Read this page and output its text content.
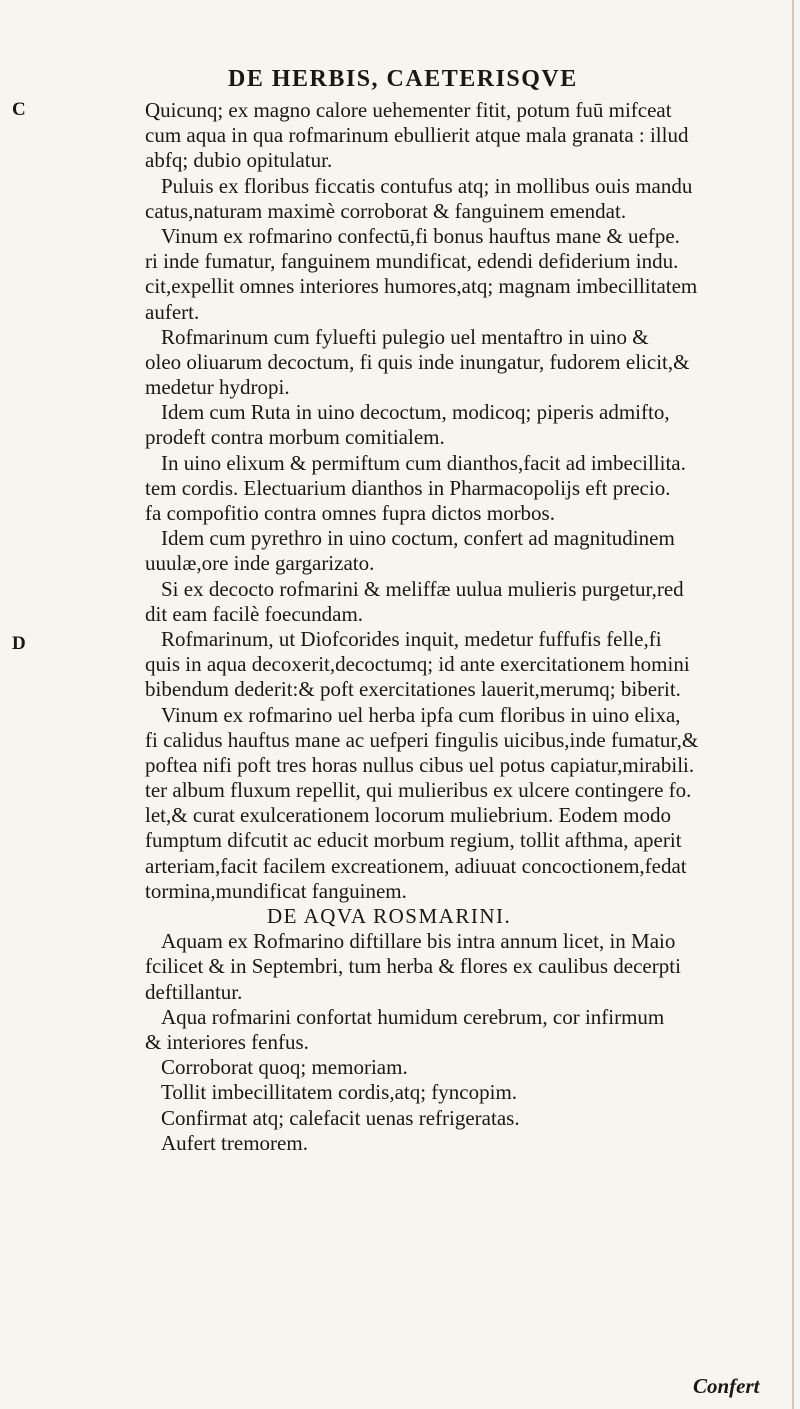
DE HERBIS, CAETERISQVE
C
D
Quicunq; ex magno calore uehementer fitit, potum fuū mifceat
cum aqua in qua rofmarinum ebullierit atque mala granata : illud
abfq; dubio opitulatur.
Puluis ex floribus ficcatis contufus atq; in mollibus ouis mandu
catus,naturam maximè corroborat & fanguinem emendat.
Vinum ex rofmarino confectū,fi bonus hauftus mane & uefpe.
ri inde fumatur, fanguinem mundificat, edendi defiderium indu.
cit,expellit omnes interiores humores,atq; magnam imbecillitatem
aufert.
Rofmarinum cum fyluefti pulegio uel mentaftro in uino &
oleo oliuarum decoctum, fi quis inde inungatur, fudorem elicit,&
medetur hydropi.
Idem cum Ruta in uino decoctum, modicoq; piperis admifto,
prodeft contra morbum comitialem.
In uino elixum & permiftum cum dianthos,facit ad imbecillita.
tem cordis. Electuarium dianthos in Pharmacopolijs eft precio.
fa compofitio contra omnes fupra dictos morbos.
Idem cum pyrethro in uino coctum, confert ad magnitudinem
uuulæ,ore inde gargarizato.
Si ex decocto rofmarini & meliffæ uulua mulieris purgetur,red
dit eam facilè foecundam.
Rofmarinum, ut Diofcorides inquit, medetur fuffufis felle,fi
quis in aqua decoxerit,decoctumq; id ante exercitationem homini
bibendum dederit:& poft exercitationes lauerit,merumq; biberit.
Vinum ex rofmarino uel herba ipfa cum floribus in uino elixa,
fi calidus hauftus mane ac uefperi fingulis uicibus,inde fumatur,&
poftea nifi poft tres horas nullus cibus uel potus capiatur,mirabili.
ter album fluxum repellit, qui mulieribus ex ulcere contingere fo.
let,& curat exulcerationem locorum muliebrium. Eodem modo
fumptum difcutit ac educit morbum regium, tollit afthma, aperit
arteriam,facit facilem excreationem, adiuuat concoctionem,fedat
tormina,mundificat fanguinem.
DE AQVA ROSMARINI.
Aquam ex Rofmarino diftillare bis intra annum licet, in Maio
fcilicet & in Septembri, tum herba & flores ex caulibus decerpti
deftillantur.
Aqua rofmarini confortat humidum cerebrum, cor infirmum
& interiores fenfus.
Corroborat quoq; memoriam.
Tollit imbecillitatem cordis,atq; fyncopim.
Confirmat atq; calefacit uenas refrigeratas.
Aufert tremorem.
Confert
